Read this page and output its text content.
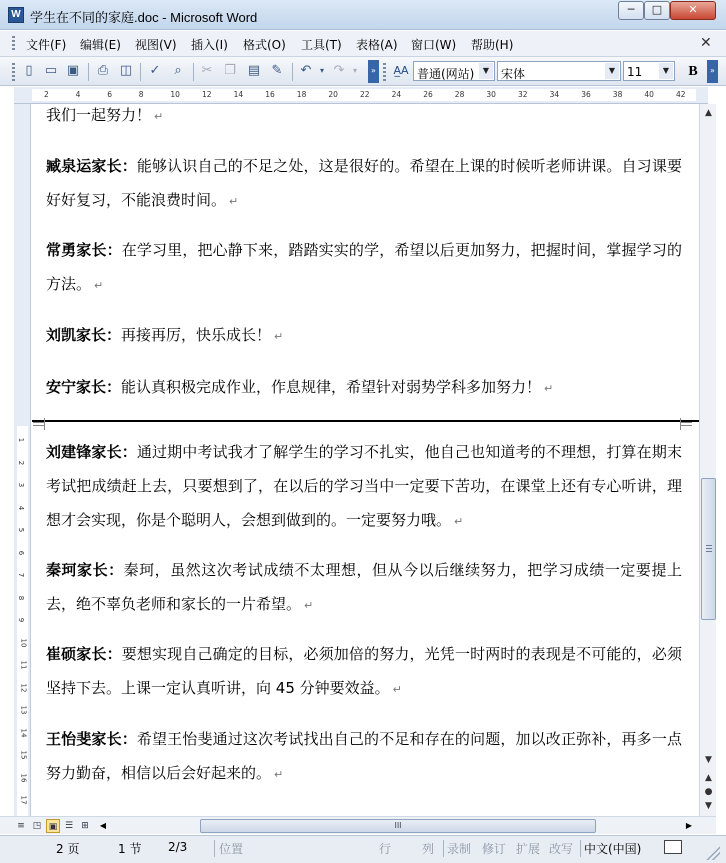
W 学生在不同的家庭.doc - Microsoft Word
─	□	✕
文件(F) 编辑(E) 视图(V) 插入(I) 格式(O) 工具(T) 表格(A) 窗口(W) 帮助(H)	✕
▯ ▭ ▣ ⎙ ◫ ✓	⌕	✂ ❐ ▤ ✎ ↶	▾ ↷	▾	»	A̲A 普通(网站)	▼ 宋体	▼ 11	▼	B	»
2	4	6	8	10	12	14	16	18	20	22	24	26	28	30	32	34	36	38	40	42
1
2
3
4
5
6
7
8
9
10
11
12
13
14
15
16
17
我们一起努力！ ↵
臧泉运家长：能够认识自己的不足之处，这是很好的。希望在上课的时候听老师讲课。自习课要好好复习，不能浪费时间。 ↵
常勇家长：在学习里，把心静下来，踏踏实实的学，希望以后更加努力，把握时间，掌握学习的方法。 ↵
刘凯家长：再接再厉，快乐成长！ ↵
安宁家长：能认真积极完成作业，作息规律，希望针对弱势学科多加努力！ ↵
刘建锋家长：通过期中考试我才了解学生的学习不扎实，他自己也知道考的不理想，打算在期末考试把成绩赶上去，只要想到了，在以后的学习当中一定要下苦功，在课堂上还有专心听讲，理想才会实现，你是个聪明人，会想到做到的。一定要努力哦。 ↵
秦珂家长：秦珂，虽然这次考试成绩不太理想，但从今以后继续努力，把学习成绩一定要提上去，绝不辜负老师和家长的一片希望。 ↵
崔硕家长：要想实现自己确定的目标，必须加倍的努力，光凭一时两时的表现是不可能的，必须坚持下去。上课一定认真听讲，向 45 分钟要效益。 ↵
王怡斐家长：希望王怡斐通过这次考试找出自己的不足和存在的问题，加以改正弥补，再多一点努力勤奋，相信以后会好起来的。 ↵
▲
▼
▲
●
▼
≡ ◳ ▣ ☰ ⊞	◀	III	▶
2 页	1 节 2/3	位置	行	列 录制 修订 扩展 改写 中文(中国)
